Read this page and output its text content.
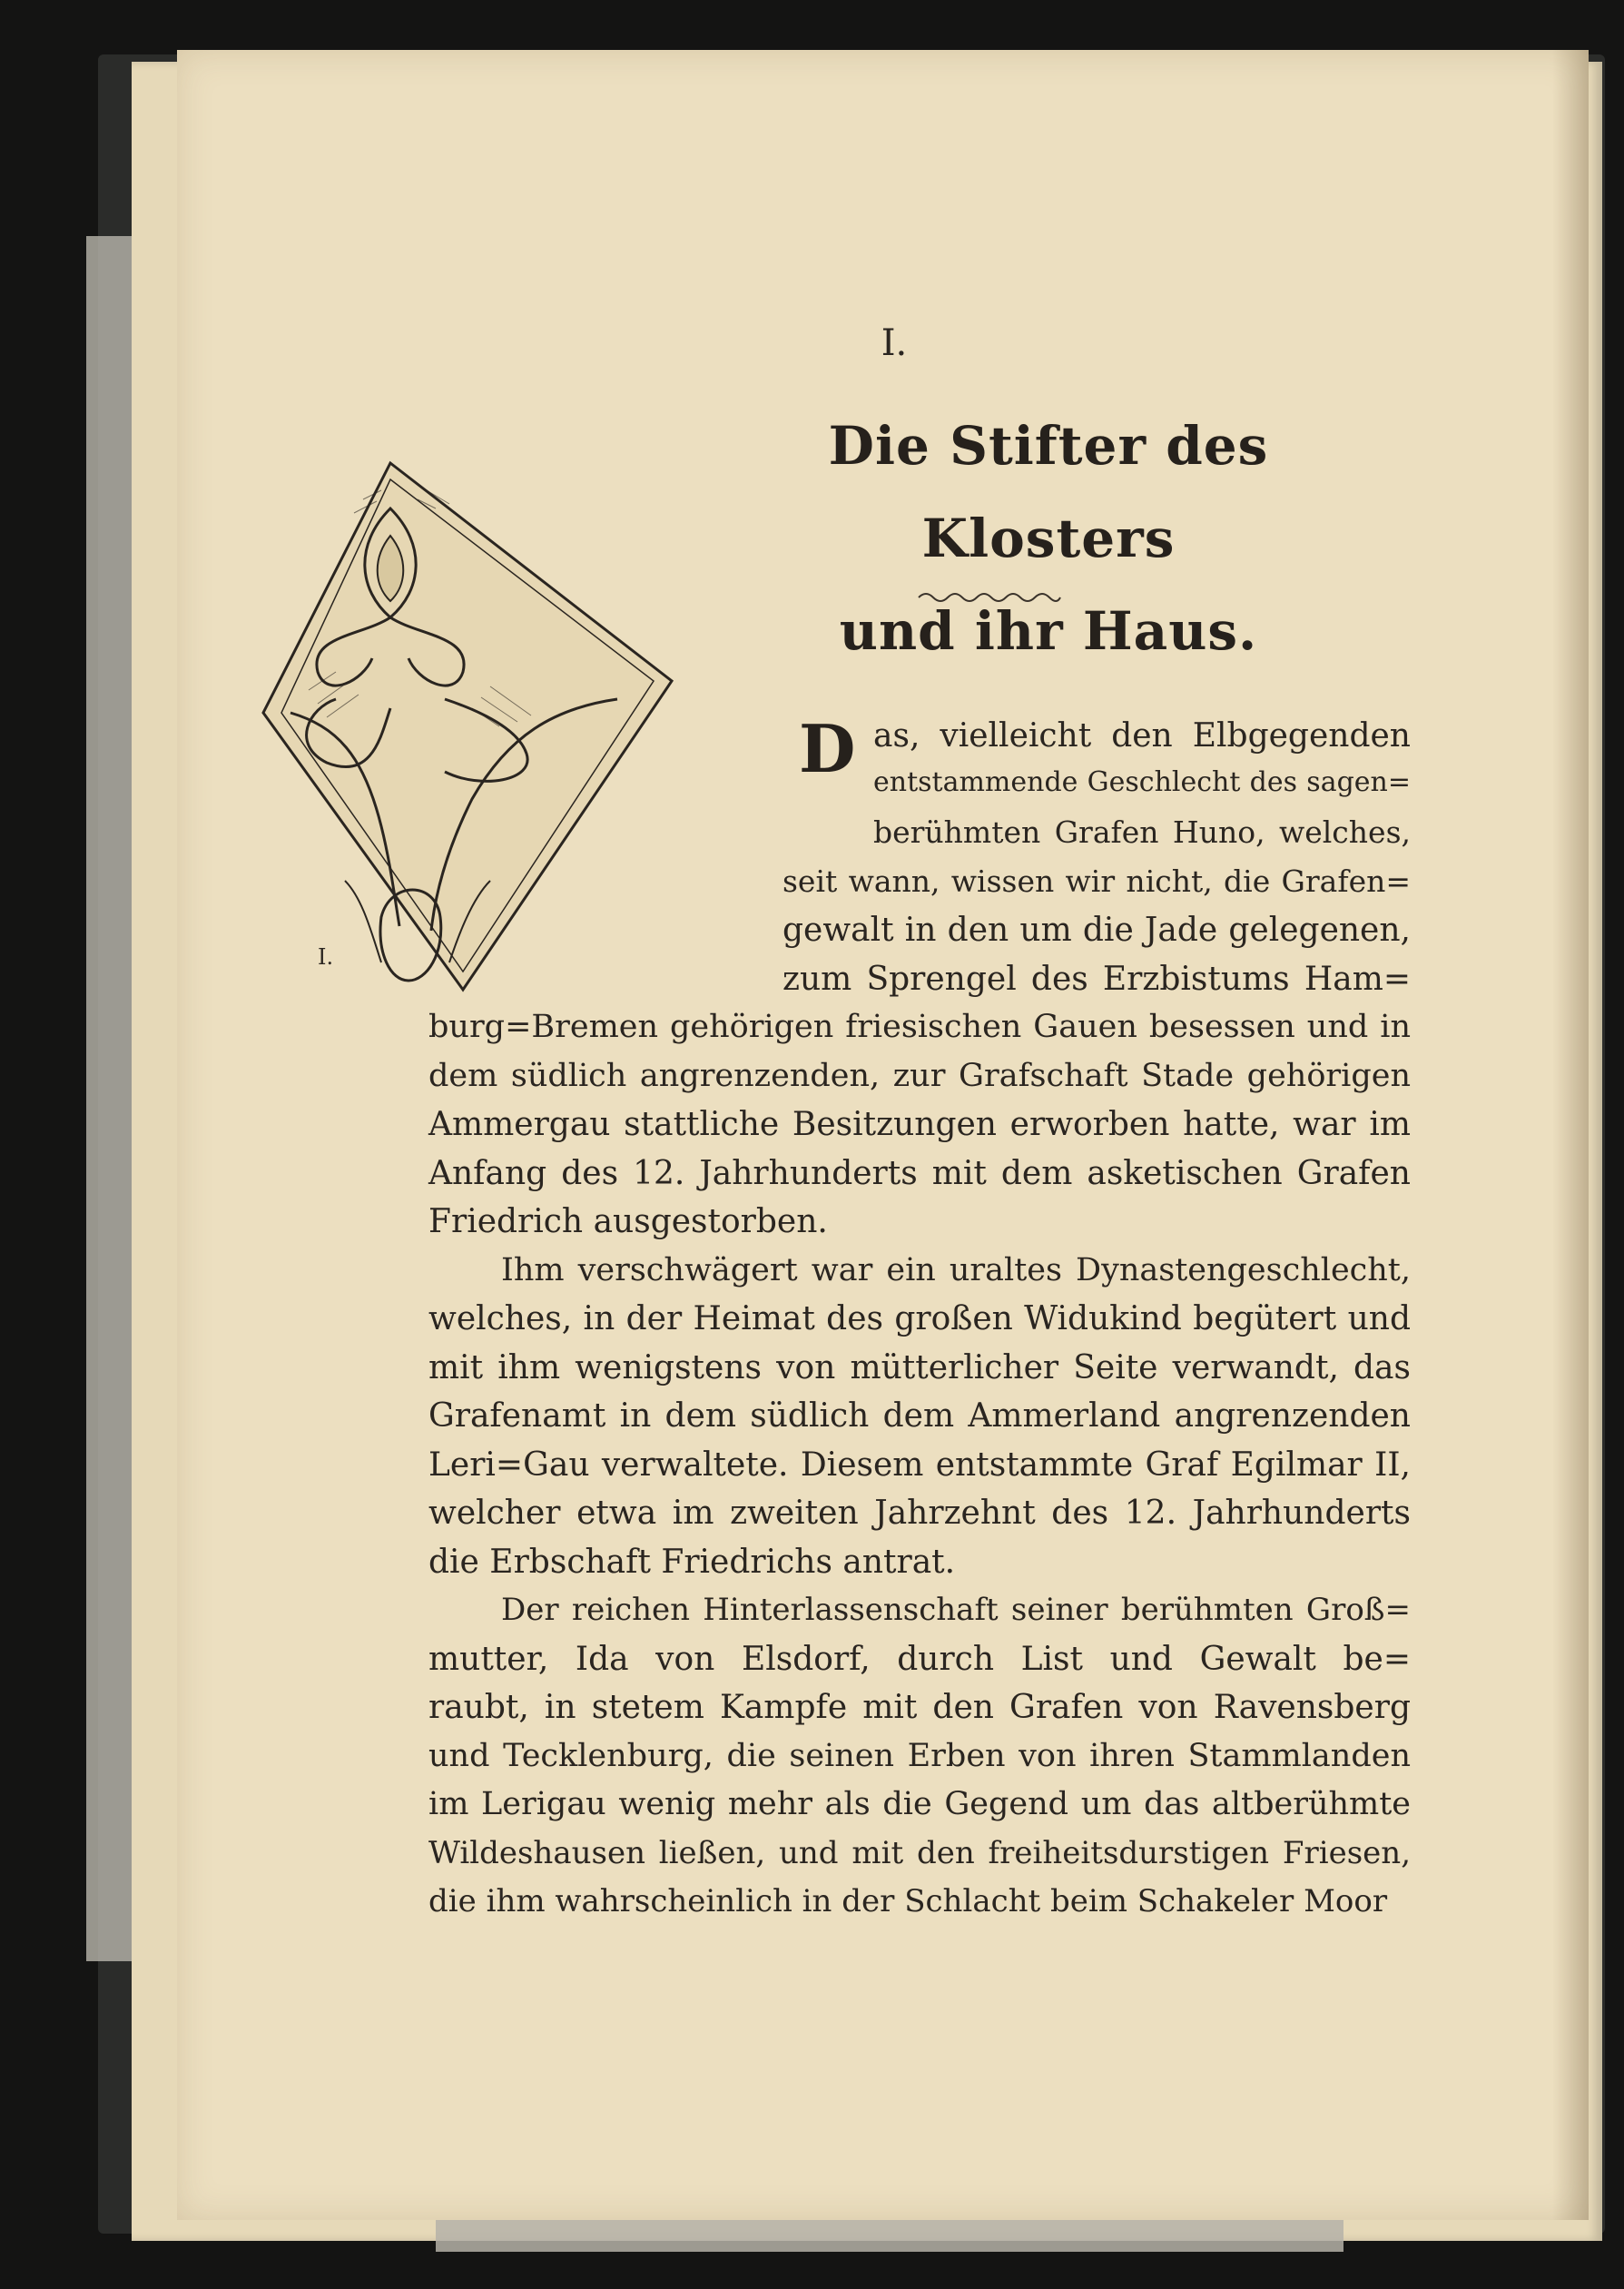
I.
Die Stifter des Klosters
und ihr Haus.
I.
D as, vielleicht den Elbgegenden
entstammende Geschlecht des sagen=
berühmten Grafen Huno, welches,
seit wann, wissen wir nicht, die Grafen=
gewalt in den um die Jade gelegenen,
zum Sprengel des Erzbistums Ham=
burg=Bremen gehörigen friesischen Gauen besessen und in
dem südlich angrenzenden, zur Grafschaft Stade gehörigen
Ammergau stattliche Besitzungen erworben hatte, war im
Anfang des 12. Jahrhunderts mit dem asketischen Grafen
Friedrich ausgestorben.
Ihm verschwägert war ein uraltes Dynastengeschlecht,
welches, in der Heimat des großen Widukind begütert und
mit ihm wenigstens von mütterlicher Seite verwandt, das
Grafenamt in dem südlich dem Ammerland angrenzenden
Leri=Gau verwaltete. Diesem entstammte Graf Egilmar II,
welcher etwa im zweiten Jahrzehnt des 12. Jahrhunderts
die Erbschaft Friedrichs antrat.
Der reichen Hinterlassenschaft seiner berühmten Groß=
mutter, Ida von Elsdorf, durch List und Gewalt be=
raubt, in stetem Kampfe mit den Grafen von Ravensberg
und Tecklenburg, die seinen Erben von ihren Stammlanden
im Lerigau wenig mehr als die Gegend um das altberühmte
Wildeshausen ließen, und mit den freiheitsdurstigen Friesen,
die ihm wahrscheinlich in der Schlacht beim Schakeler Moor
